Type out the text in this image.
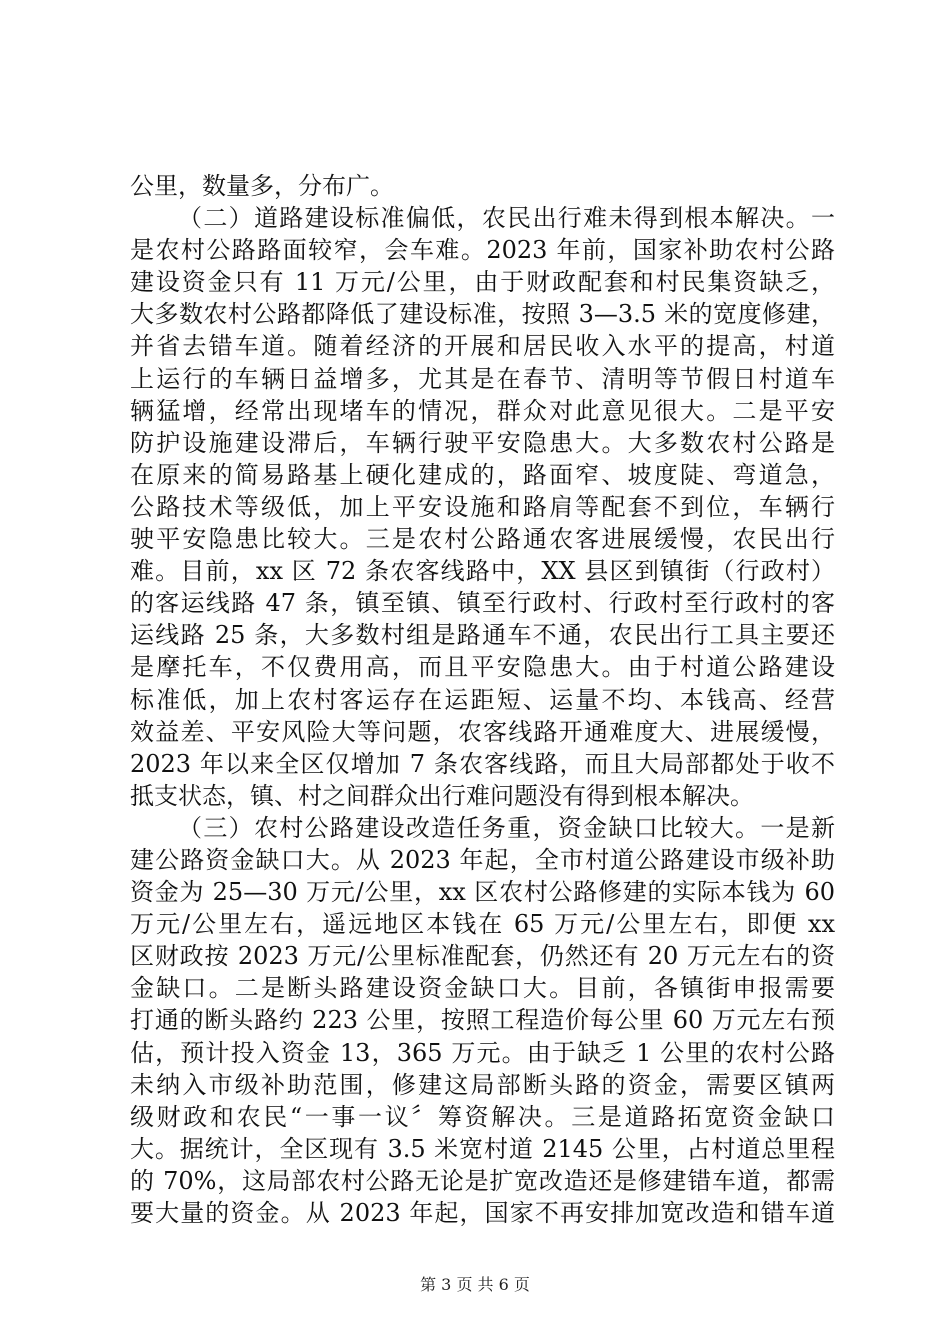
公里，数量多，分布广。
（二）道路建设标准偏低，农民出行难未得到根本解决。一
是农村公路路面较窄，会车难。2023 年前，国家补助农村公路
建设资金只有 11 万元/公里，由于财政配套和村民集资缺乏，
大多数农村公路都降低了建设标准，按照 3—3.5 米的宽度修建，
并省去错车道。随着经济的开展和居民收入水平的提高，村道
上运行的车辆日益增多，尤其是在春节、清明等节假日村道车
辆猛增，经常出现堵车的情况，群众对此意见很大。二是平安
防护设施建设滞后，车辆行驶平安隐患大。大多数农村公路是
在原来的简易路基上硬化建成的，路面窄、坡度陡、弯道急，
公路技术等级低，加上平安设施和路肩等配套不到位，车辆行
驶平安隐患比较大。三是农村公路通农客进展缓慢，农民出行
难。目前，xx 区 72 条农客线路中，XX 县区到镇街（行政村）
的客运线路 47 条，镇至镇、镇至行政村、行政村至行政村的客
运线路 25 条，大多数村组是路通车不通，农民出行工具主要还
是摩托车，不仅费用高，而且平安隐患大。由于村道公路建设
标准低，加上农村客运存在运距短、运量不均、本钱高、经营
效益差、平安风险大等问题，农客线路开通难度大、进展缓慢，
2023 年以来全区仅增加 7 条农客线路，而且大局部都处于收不
抵支状态，镇、村之间群众出行难问题没有得到根本解决。
（三）农村公路建设改造任务重，资金缺口比较大。一是新
建公路资金缺口大。从 2023 年起，全市村道公路建设市级补助
资金为 25—30 万元/公里，xx 区农村公路修建的实际本钱为 60
万元/公里左右，遥远地区本钱在 65 万元/公里左右，即便 xx
区财政按 2023 万元/公里标准配套，仍然还有 20 万元左右的资
金缺口。二是断头路建设资金缺口大。目前，各镇街申报需要
打通的断头路约 223 公里，按照工程造价每公里 60 万元左右预
估，预计投入资金 13，365 万元。由于缺乏 1 公里的农村公路
未纳入市级补助范围，修建这局部断头路的资金，需要区镇两
级财政和农民“一事一议〞筹资解决。三是道路拓宽资金缺口
大。据统计，全区现有 3.5 米宽村道 2145 公里，占村道总里程
的 70%，这局部农村公路无论是扩宽改造还是修建错车道，都需
要大量的资金。从 2023 年起，国家不再安排加宽改造和错车道
第 3 页 共 6 页
